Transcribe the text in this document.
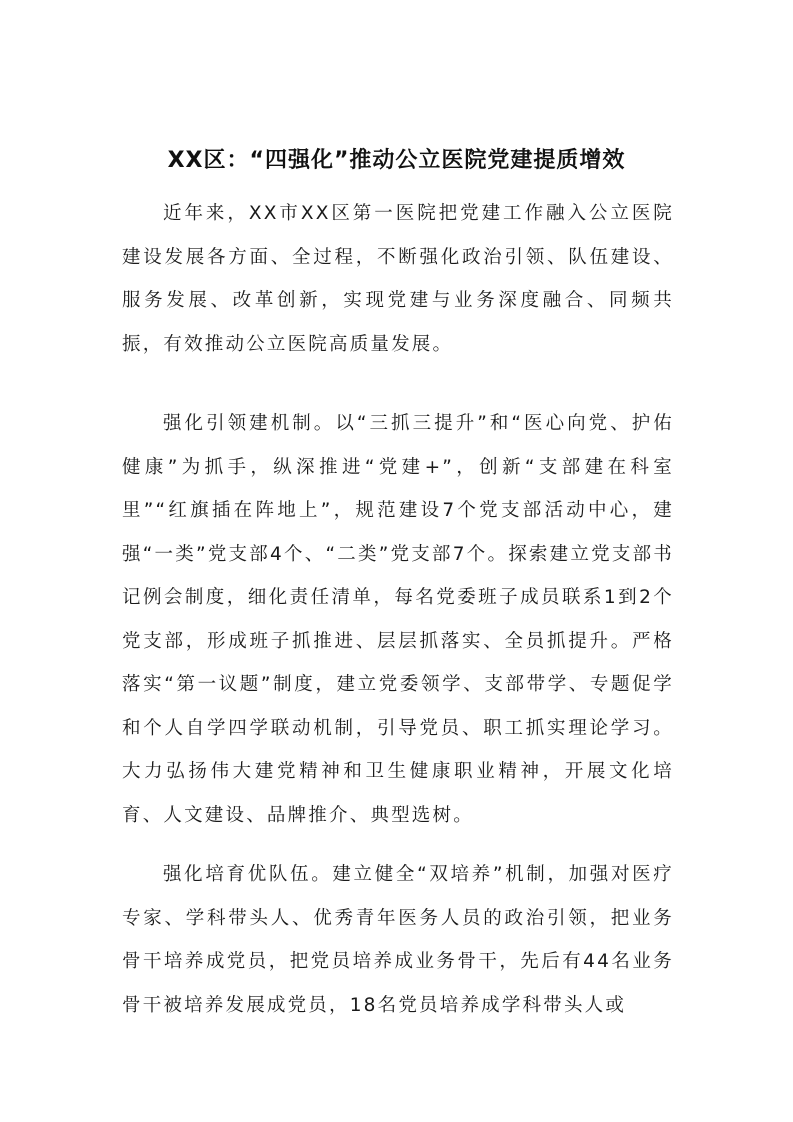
XX区：“四强化”推动公立医院党建提质增效

近年来，XX市XX区第一医院把党建工作融入公立医院建设发展各方面、全过程，不断强化政治引领、队伍建设、服务发展、改革创新，实现党建与业务深度融合、同频共振，有效推动公立医院高质量发展。

强化引领建机制。以“三抓三提升”和“医心向党、护佑健康”为抓手，纵深推进“党建+”，创新“支部建在科室里”“红旗插在阵地上”，规范建设7个党支部活动中心，建强“一类”党支部4个、“二类”党支部7个。探索建立党支部书记例会制度，细化责任清单，每名党委班子成员联系1到2个党支部，形成班子抓推进、层层抓落实、全员抓提升。严格落实“第一议题”制度，建立党委领学、支部带学、专题促学和个人自学四学联动机制，引导党员、职工抓实理论学习。大力弘扬伟大建党精神和卫生健康职业精神，开展文化培育、人文建设、品牌推介、典型选树。

强化培育优队伍。建立健全“双培养”机制，加强对医疗专家、学科带头人、优秀青年医务人员的政治引领，把业务骨干培养成党员，把党员培养成业务骨干，先后有44名业务骨干被培养发展成党员，18名党员培养成学科带头人或
